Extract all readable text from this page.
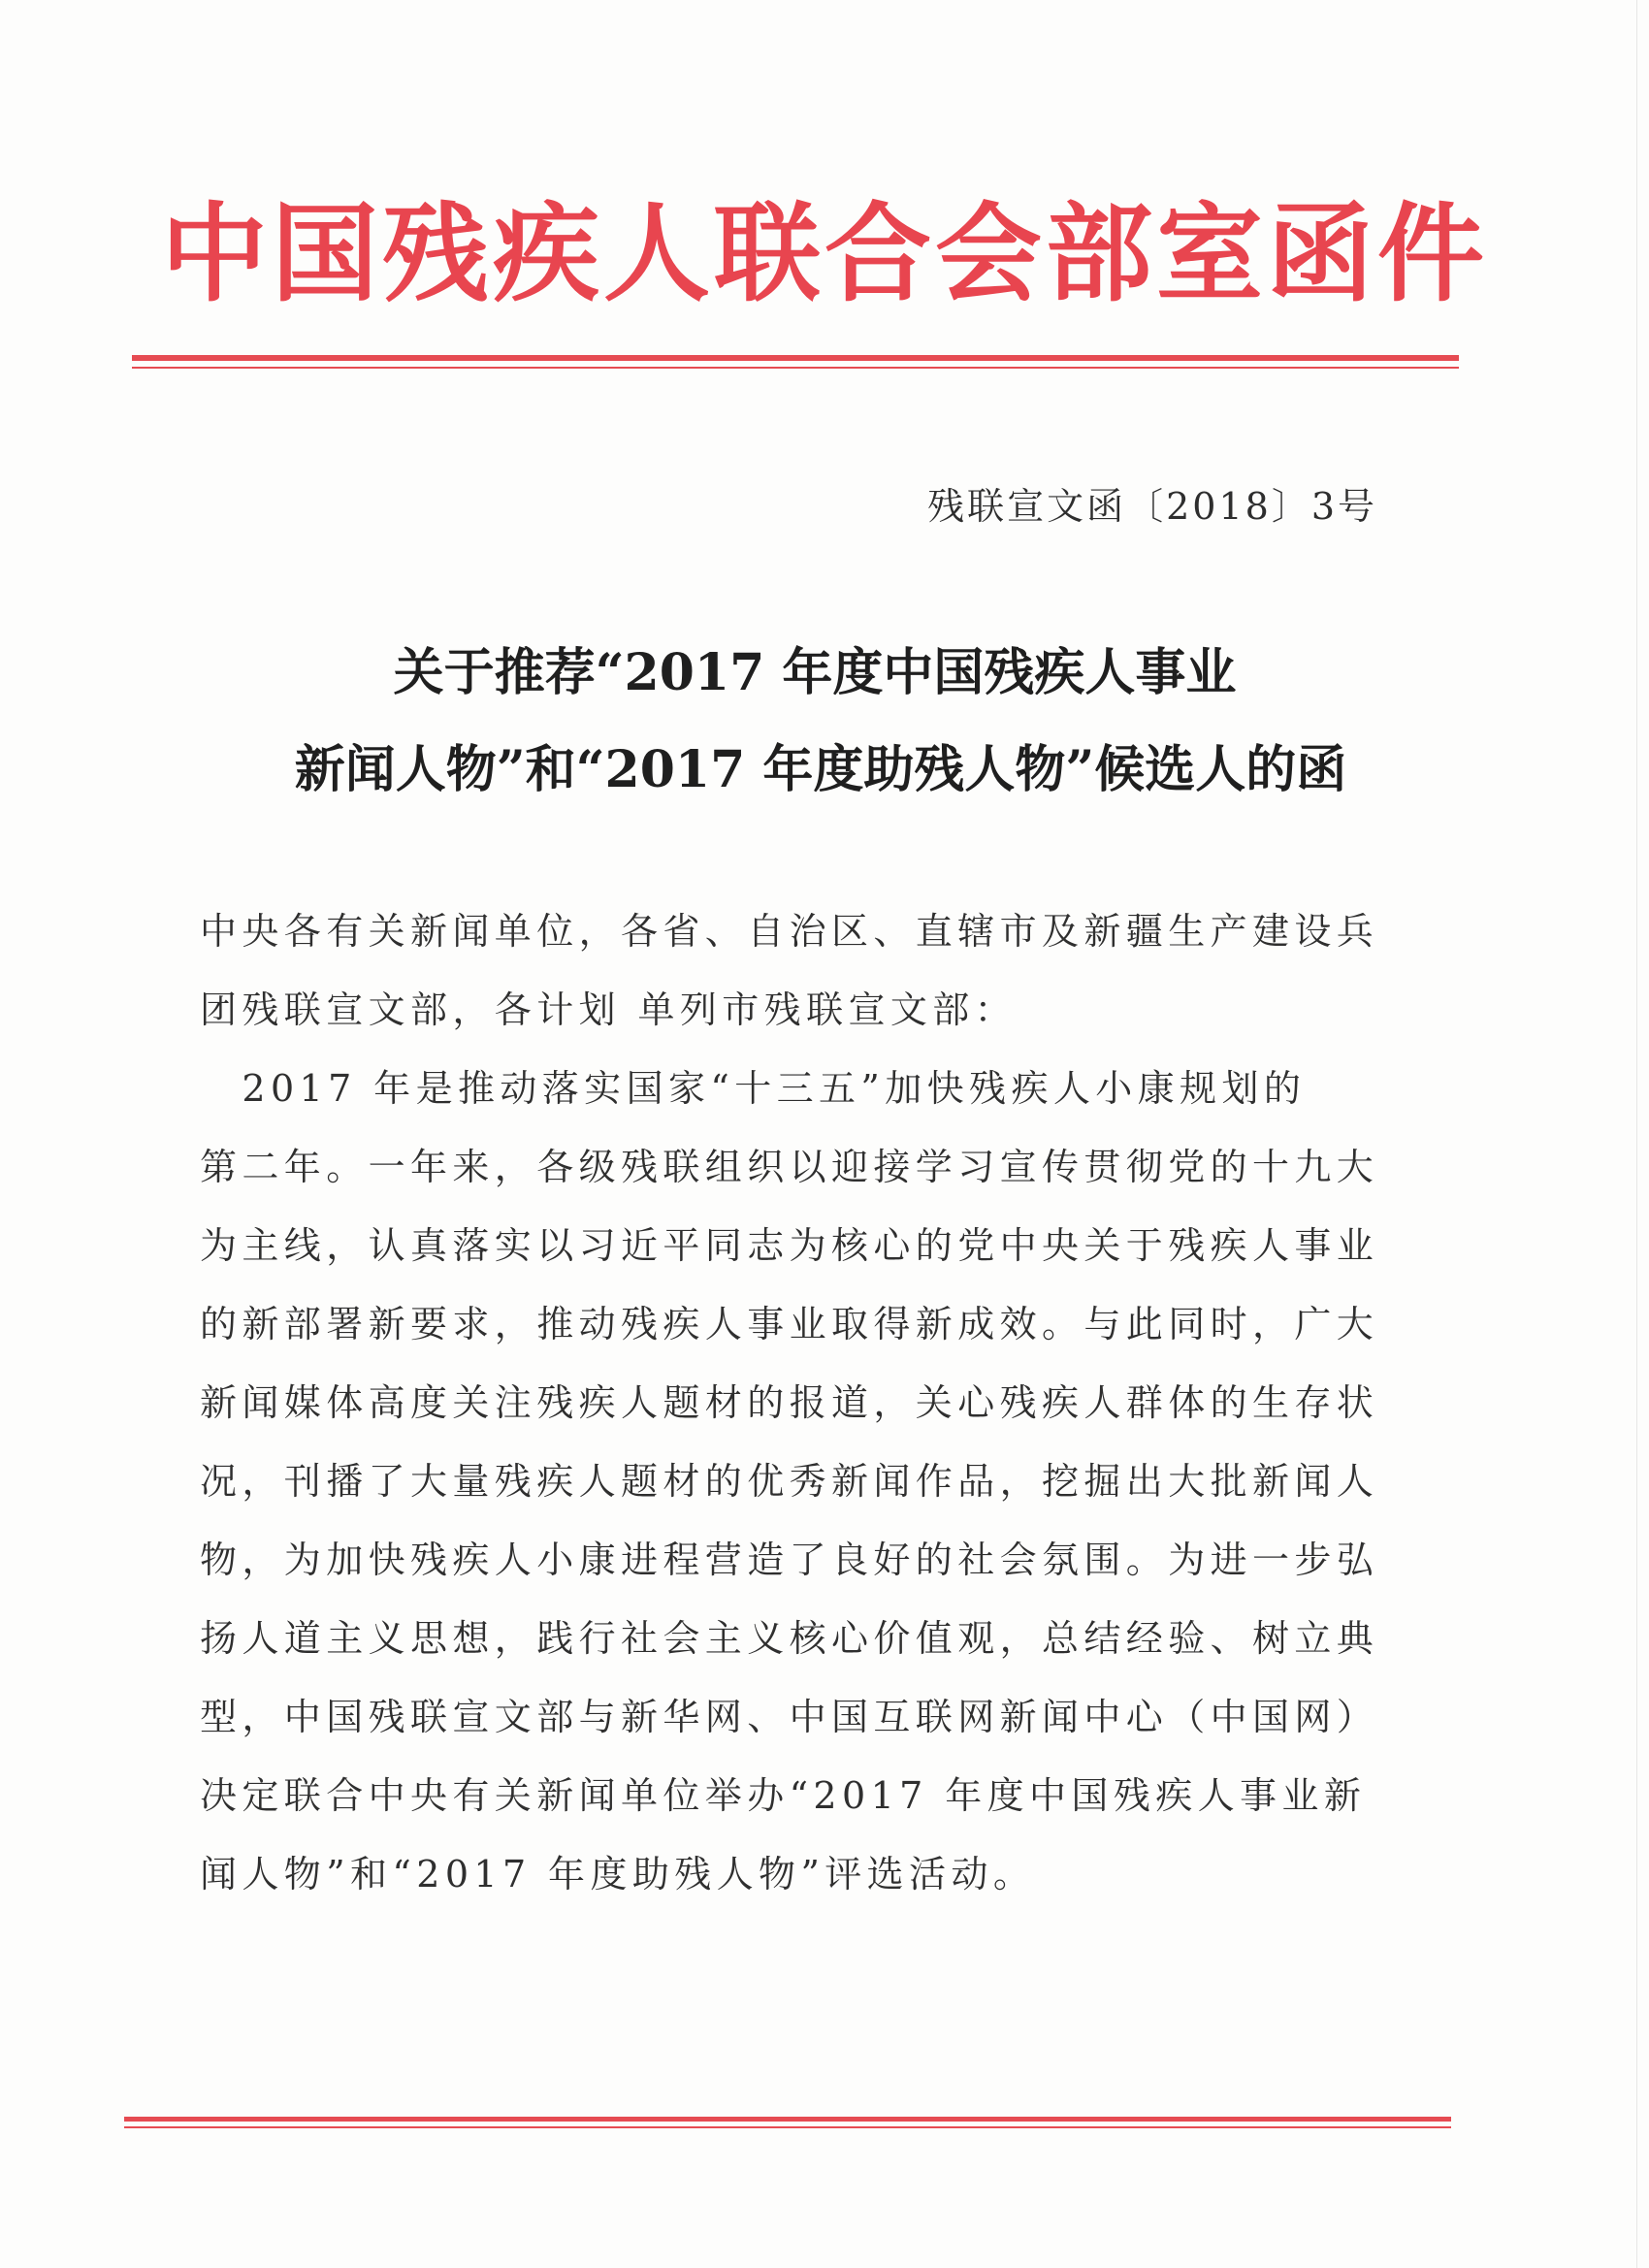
中国残疾人联合会部室函件
残联宣文函〔2018〕3号
关于推荐“2017 年度中国残疾人事业
新闻人物”和“2017 年度助残人物”候选人的函
中央各有关新闻单位，各省、自治区、直辖市及新疆生产建设兵
团残联宣文部，各计划 单列市残联宣文部：
　2017 年是推动落实国家“十三五”加快残疾人小康规划的
第二年。一年来，各级残联组织以迎接学习宣传贯彻党的十九大
为主线，认真落实以习近平同志为核心的党中央关于残疾人事业
的新部署新要求，推动残疾人事业取得新成效。与此同时，广大
新闻媒体高度关注残疾人题材的报道，关心残疾人群体的生存状
况，刊播了大量残疾人题材的优秀新闻作品，挖掘出大批新闻人
物，为加快残疾人小康进程营造了良好的社会氛围。为进一步弘
扬人道主义思想，践行社会主义核心价值观，总结经验、树立典
型，中国残联宣文部与新华网、中国互联网新闻中心（中国网）
决定联合中央有关新闻单位举办“2017 年度中国残疾人事业新
闻人物”和“2017 年度助残人物”评选活动。
